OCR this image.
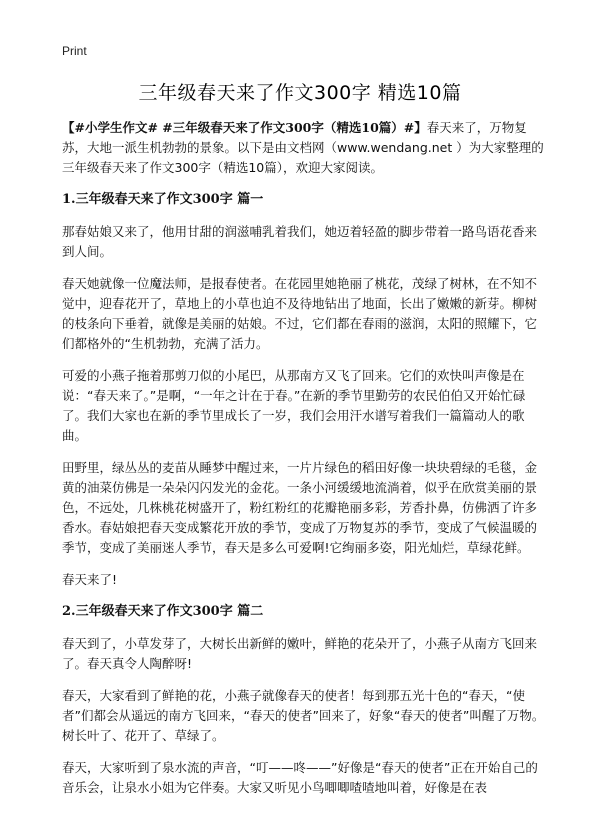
Print
三年级春天来了作文300字 精选10篇

【#小学生作文# #三年级春天来了作文300字（精选10篇）#】春天来了，万物复苏，大地一派生机勃勃的景象。以下是由文档网（www.wendang.net ）为大家整理的三年级春天来了作文300字（精选10篇），欢迎大家阅读。

1.三年级春天来了作文300字 篇一

那春姑娘又来了，他用甘甜的润滋哺乳着我们，她迈着轻盈的脚步带着一路鸟语花香来到人间。

春天她就像一位魔法师，是报春使者。在花园里她艳丽了桃花，茂绿了树林，在不知不觉中，迎春花开了，草地上的小草也迫不及待地钻出了地面，长出了嫩嫩的新芽。柳树的枝条向下垂着，就像是美丽的姑娘。不过，它们都在春雨的滋润，太阳的照耀下，它们都格外的“生机勃勃，充满了活力。

可爱的小燕子拖着那剪刀似的小尾巴，从那南方又飞了回来。它们的欢快叫声像是在说：“春天来了。”是啊，“一年之计在于春。”在新的季节里勤劳的农民伯伯又开始忙碌了。我们大家也在新的季节里成长了一岁，我们会用汗水谱写着我们一篇篇动人的歌曲。

田野里，绿丛丛的麦苗从睡梦中醒过来，一片片绿色的稻田好像一块块碧绿的毛毯，金黄的油菜仿佛是一朵朵闪闪发光的金花。一条小河缓缓地流淌着，似乎在欣赏美丽的景色，不远处，几株桃花树盛开了，粉红粉红的花瓣艳丽多彩，芳香扑鼻，仿佛洒了许多香水。春姑娘把春天变成繁花开放的季节，变成了万物复苏的季节，变成了气候温暖的季节，变成了美丽迷人季节，春天是多么可爱啊!它绚丽多姿，阳光灿烂，草绿花鲜。

春天来了!

2.三年级春天来了作文300字 篇二

春天到了，小草发芽了，大树长出新鲜的嫩叶，鲜艳的花朵开了，小燕子从南方飞回来了。春天真令人陶醉呀!

春天，大家看到了鲜艳的花，小燕子就像春天的使者！每到那五光十色的“春天，“使者”们都会从遥远的南方飞回来，“春天的使者”回来了，好象“春天的使者”叫醒了万物。树长叶了、花开了、草绿了。

春天，大家听到了泉水流的声音，“叮——咚——”好像是“春天的使者”正在开始自己的音乐会，让泉水小姐为它伴奏。大家又听见小鸟唧唧喳喳地叫着，好像是在表
